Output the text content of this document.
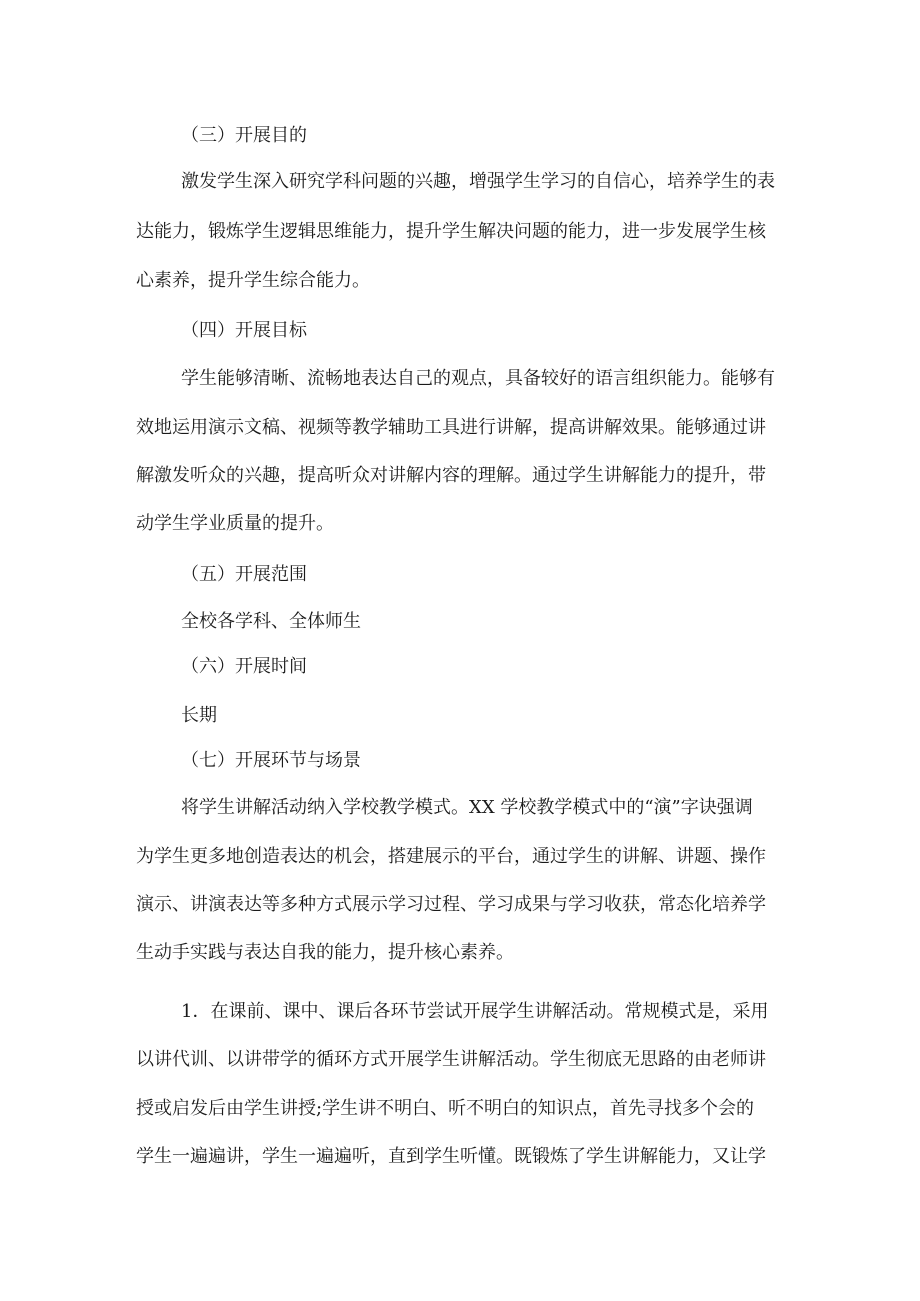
（三）开展目的
激发学生深入研究学科问题的兴趣，增强学生学习的自信心，培养学生的表
达能力，锻炼学生逻辑思维能力，提升学生解决问题的能力，进一步发展学生核
心素养，提升学生综合能力。
（四）开展目标
学生能够清晰、流畅地表达自己的观点，具备较好的语言组织能力。能够有
效地运用演示文稿、视频等教学辅助工具进行讲解，提高讲解效果。能够通过讲
解激发听众的兴趣，提高听众对讲解内容的理解。通过学生讲解能力的提升，带
动学生学业质量的提升。
（五）开展范围
全校各学科、全体师生
（六）开展时间
长期
（七）开展环节与场景
将学生讲解活动纳入学校教学模式。XX 学校教学模式中的“演”字诀强调
为学生更多地创造表达的机会，搭建展示的平台，通过学生的讲解、讲题、操作
演示、讲演表达等多种方式展示学习过程、学习成果与学习收获，常态化培养学
生动手实践与表达自我的能力，提升核心素养。
1．在课前、课中、课后各环节尝试开展学生讲解活动。常规模式是，采用
以讲代训、以讲带学的循环方式开展学生讲解活动。学生彻底无思路的由老师讲
授或启发后由学生讲授;学生讲不明白、听不明白的知识点，首先寻找多个会的
学生一遍遍讲，学生一遍遍听，直到学生听懂。既锻炼了学生讲解能力，又让学
